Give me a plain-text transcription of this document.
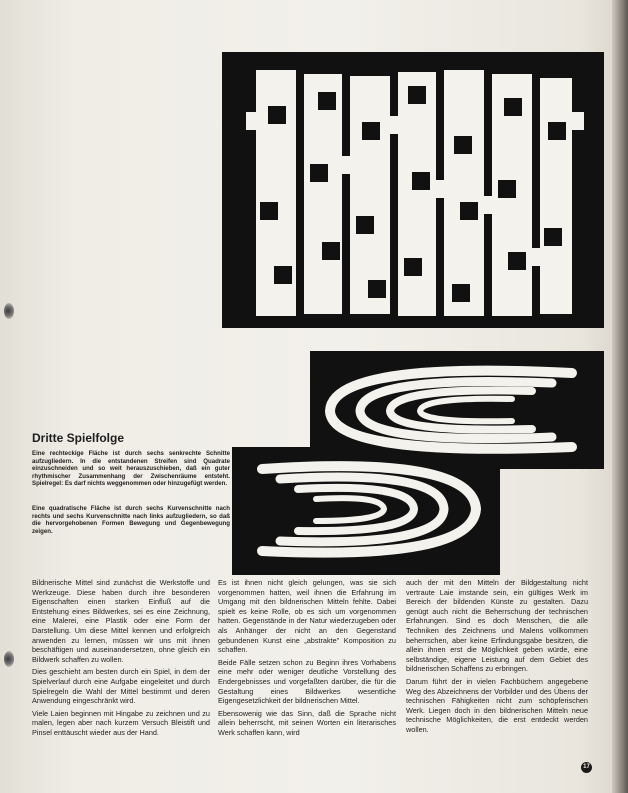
Dritte Spielfolge

Eine rechteckige Fläche ist durch sechs senkrechte Schnitte aufzugliedern. In die entstandenen Streifen sind Quadrate einzuschneiden und so weit herauszuschieben, daß ein guter rhythmischer Zusammenhang der Zwischenräume entsteht. Spielregel: Es darf nichts weggenommen oder hinzugefügt werden.

Eine quadratische Fläche ist durch sechs Kurvenschnitte nach rechts und sechs Kurvenschnitte nach links aufzugliedern, so daß die hervorgehobenen Formen Bewegung und Gegenbewegung zeigen.

Bildnerische Mittel sind zunächst die Werkstoffe und Werkzeuge. Diese haben durch ihre besonderen Eigenschaften einen starken Einfluß auf die Entstehung eines Bildwerkes, sei es eine Zeichnung, eine Malerei, eine Plastik oder eine Form der Darstellung. Um diese Mittel kennen und erfolgreich anwenden zu lernen, müssen wir uns mit ihnen beschäftigen und auseinandersetzen, ohne gleich ein Bildwerk schaffen zu wollen.

Dies geschieht am besten durch ein Spiel, in dem der Spielverlauf durch eine Aufgabe eingeleitet und durch Spielregeln die Wahl der Mittel bestimmt und deren Anwendung eingeschränkt wird.

Viele Laien beginnen mit Hingabe zu zeichnen und zu malen, legen aber nach kurzem Versuch Bleistift und Pinsel enttäuscht wieder aus der Hand.

Es ist ihnen nicht gleich gelungen, was sie sich vorgenommen hatten, weil ihnen die Erfahrung im Umgang mit den bildnerischen Mitteln fehlte. Dabei spielt es keine Rolle, ob es sich um vorgenommen hatten. Gegenstände in der Natur wiederzugeben oder als Anhänger der nicht an den Gegenstand gebundenen Kunst eine „abstrakte" Komposition zu schaffen.

Beide Fälle setzen schon zu Beginn ihres Vorhabens eine mehr oder weniger deutliche Vorstellung des Endergebnisses und vorgefaßten darüber, die für die Gestaltung eines Bildwerkes wesentliche Eigengesetzlichkeit der bildnerischen Mittel.

Ebensowenig wie das Sinn, daß die Sprache nicht allein beherrscht, mit seinen Worten ein literarisches Werk schaffen kann, wird

auch der mit den Mitteln der Bildgestaltung nicht vertraute Laie imstande sein, ein gültiges Werk im Bereich der bildenden Künste zu gestalten. Dazu genügt auch nicht die Beherrschung der technischen Erfahrungen. Sind es doch Menschen, die alle Techniken des Zeichnens und Malens vollkommen beherrschen, aber keine Erfindungsgabe besitzen, die allein ihnen erst die Möglichkeit geben würde, eine selbständige, eigene Leistung auf dem Gebiet des bildnerischen Schaffens zu erbringen.

Darum führt der in vielen Fachbüchern angegebene Weg des Abzeichnens der Vorbilder und des Übens der technischen Fähigkeiten nicht zum schöpferischen Werk. Liegen doch in den bildnerischen Mitteln neue technische Möglichkeiten, die erst entdeckt werden wollen.

17
